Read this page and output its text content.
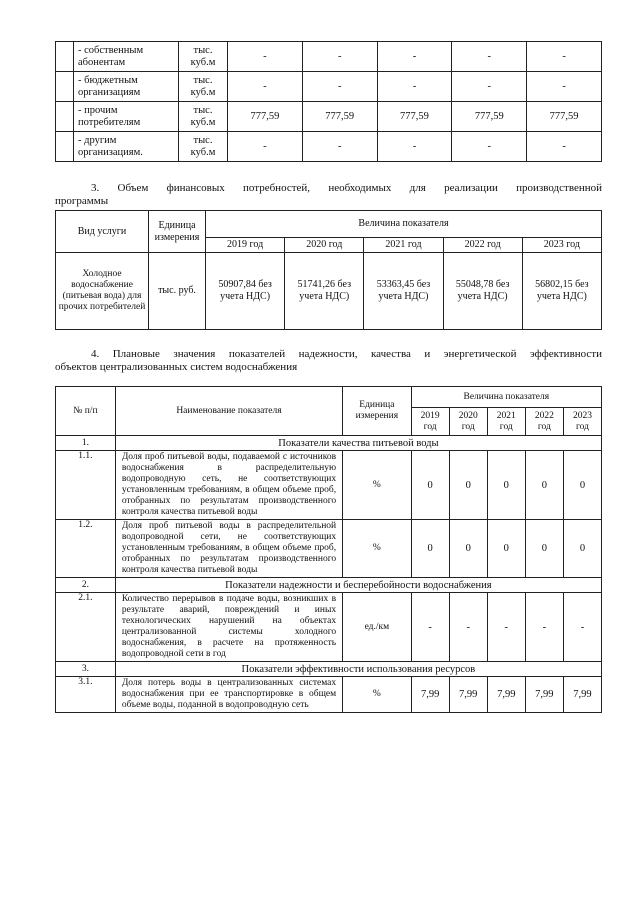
	- собственным абонентам	тыс. куб.м	-	-	-	-	-
	- бюджетным организациям	тыс. куб.м	-	-	-	-	-
	- прочим потребителям	тыс. куб.м	777,59	777,59	777,59	777,59	777,59
	- другим организациям.	тыс. куб.м	-	-	-	-	-
3. Объем финансовых потребностей, необходимых для реализации производственной
программы
Вид услуги	Единица измерения	Величина показателя				
		2019 год	2020 год	2021 год	2022 год	2023 год
Холодное водоснабжение (питьевая вода) для прочих потребителей	тыс. руб.	50907,84 без учета НДС)	51741,26 без учета НДС)	53363,45 без учета НДС)	55048,78 без учета НДС)	56802,15 без учета НДС)
4. Плановые значения показателей надежности, качества и энергетической эффективности
объектов централизованных систем водоснабжения
№ п/п	Наименование показателя	Единица измерения	Величина показателя				
			2019 год	2020 год	2021 год	2022 год	2023 год
1.	Показатели качества питьевой воды						
1.1.	Доля проб питьевой воды, подаваемой с источников водоснабжения в распределительную водопроводную сеть, не соответствующих установленным требованиям, в общем объеме проб, отобранных по результатам производственного контроля качества питьевой воды	%	0	0	0	0	0
1.2.	Доля проб питьевой воды в распределительной водопроводной сети, не соответствующих установленным требованиям, в общем объеме проб, отобранных по результатам производственного контроля качества питьевой воды	%	0	0	0	0	0
2.	Показатели надежности и бесперебойности водоснабжения						
2.1.	Количество перерывов в подаче воды, возникших в результате аварий, повреждений и иных технологических нарушений на объектах централизованной системы холодного водоснабжения, в расчете на протяженность водопроводной сети в год	ед./км	-	-	-	-	-
3.	Показатели эффективности использования ресурсов						
3.1.	Доля потерь воды в централизованных системах водоснабжения при ее транспортировке в общем объеме воды, поданной в водопроводную сеть	%	7,99	7,99	7,99	7,99	7,99
